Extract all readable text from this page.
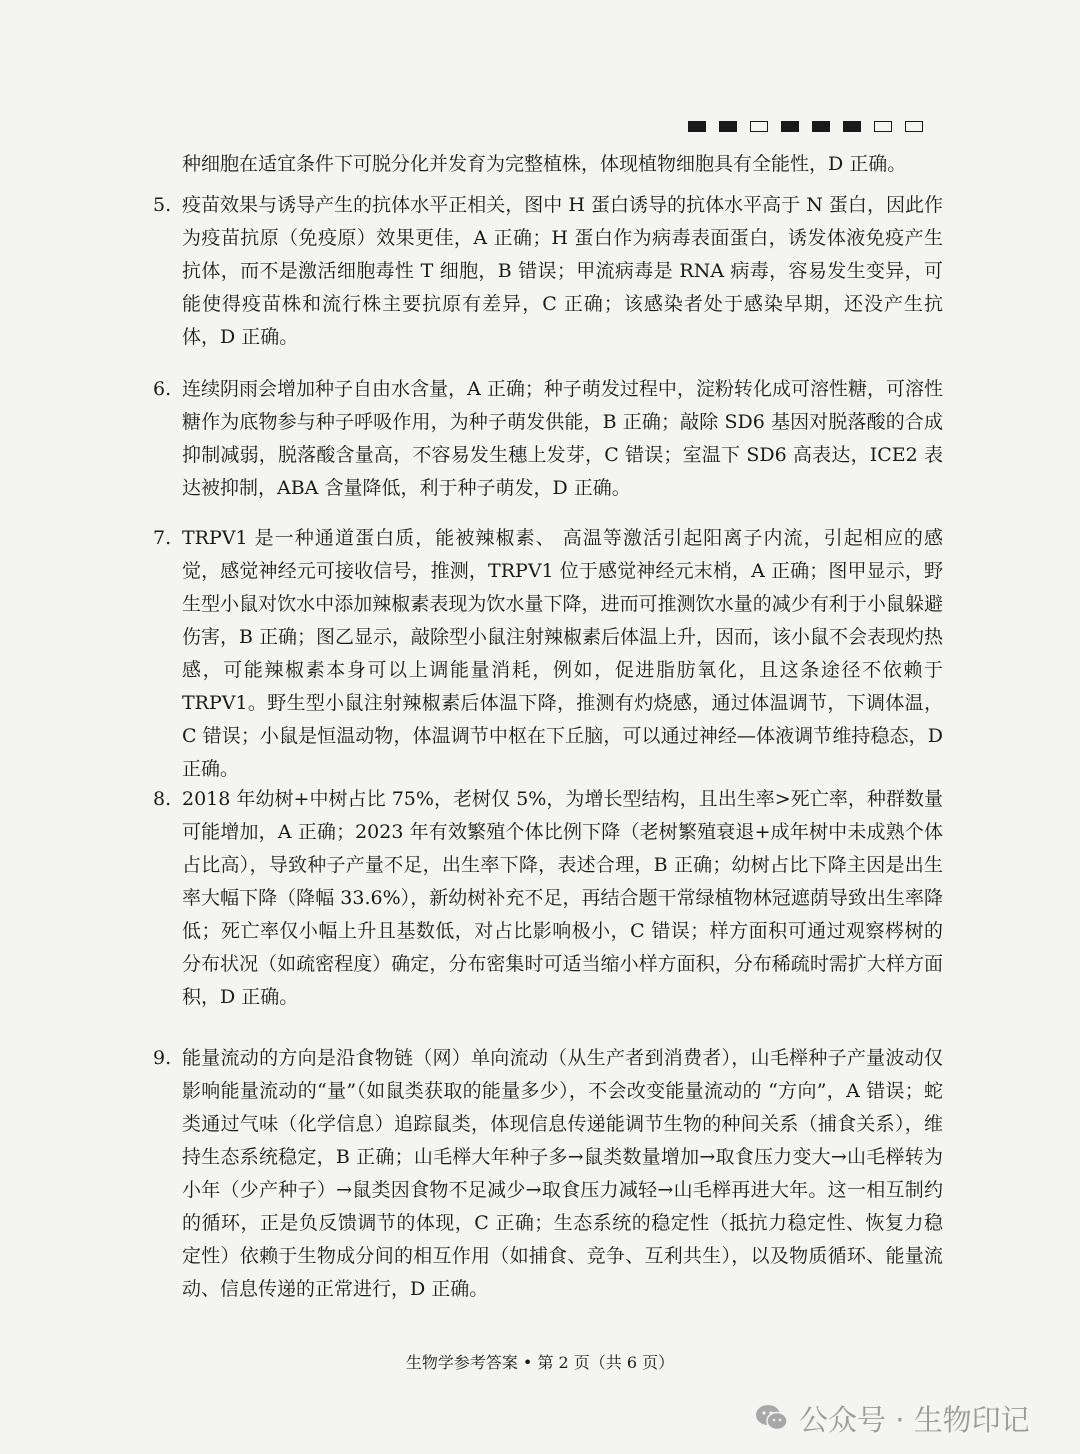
种细胞在适宜条件下可脱分化并发育为完整植株，体现植物细胞具有全能性，D 正确。

5. 疫苗效果与诱导产生的抗体水平正相关，图中 H 蛋白诱导的抗体水平高于 N 蛋白，因此作为疫苗抗原（免疫原）效果更佳，A 正确；H 蛋白作为病毒表面蛋白，诱发体液免疫产生抗体，而不是激活细胞毒性 T 细胞，B 错误；甲流病毒是 RNA 病毒，容易发生变异，可能使得疫苗株和流行株主要抗原有差异，C 正确；该感染者处于感染早期，还没产生抗体，D 正确。
6. 连续阴雨会增加种子自由水含量，A 正确；种子萌发过程中，淀粉转化成可溶性糖，可溶性糖作为底物参与种子呼吸作用，为种子萌发供能，B 正确；敲除 SD6 基因对脱落酸的合成抑制减弱，脱落酸含量高，不容易发生穗上发芽，C 错误；室温下 SD6 高表达，ICE2 表达被抑制，ABA 含量降低，利于种子萌发，D 正确。
7. TRPV1 是一种通道蛋白质，能被辣椒素、 高温等激活引起阳离子内流，引起相应的感觉，感觉神经元可接收信号，推测，TRPV1 位于感觉神经元末梢，A 正确；图甲显示，野生型小鼠对饮水中添加辣椒素表现为饮水量下降，进而可推测饮水量的减少有利于小鼠躲避伤害，B 正确；图乙显示，敲除型小鼠注射辣椒素后体温上升，因而，该小鼠不会表现灼热感，可能辣椒素本身可以上调能量消耗，例如，促进脂肪氧化，且这条途径不依赖于 TRPV1。野生型小鼠注射辣椒素后体温下降，推测有灼烧感，通过体温调节，下调体温，C 错误；小鼠是恒温动物，体温调节中枢在下丘脑，可以通过神经—体液调节维持稳态，D 正确。
8. 2018 年幼树+中树占比 75%，老树仅 5%，为增长型结构，且出生率>死亡率，种群数量可能增加，A 正确；2023 年有效繁殖个体比例下降（老树繁殖衰退+成年树中未成熟个体占比高），导致种子产量不足，出生率下降，表述合理，B 正确；幼树占比下降主因是出生率大幅下降（降幅 33.6%），新幼树补充不足，再结合题干常绿植物林冠遮荫导致出生率降低；死亡率仅小幅上升且基数低，对占比影响极小，C 错误；样方面积可通过观察梣树的分布状况（如疏密程度）确定，分布密集时可适当缩小样方面积，分布稀疏时需扩大样方面积，D 正确。
9. 能量流动的方向是沿食物链（网）单向流动（从生产者到消费者），山毛榉种子产量波动仅影响能量流动的“量”（如鼠类获取的能量多少），不会改变能量流动的 “方向”，A 错误；蛇类通过气味（化学信息）追踪鼠类，体现信息传递能调节生物的种间关系（捕食关系），维持生态系统稳定，B 正确；山毛榉大年种子多→鼠类数量增加→取食压力变大→山毛榉转为小年（少产种子）→鼠类因食物不足减少→取食压力减轻→山毛榉再进大年。这一相互制约的循环，正是负反馈调节的体现，C 正确；生态系统的稳定性（抵抗力稳定性、恢复力稳定性）依赖于生物成分间的相互作用（如捕食、竞争、互利共生），以及物质循环、能量流动、信息传递的正常进行，D 正确。
生物学参考答案 • 第 2 页（共 6 页）
公众号 · 生物印记
